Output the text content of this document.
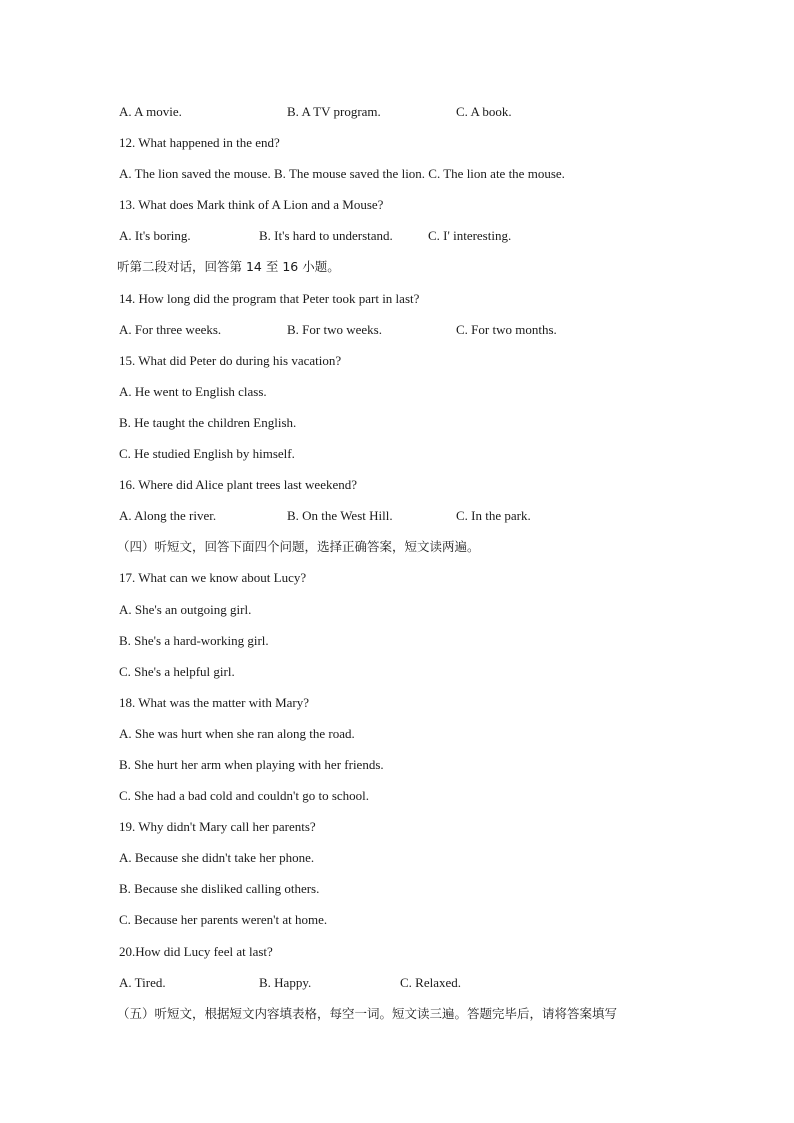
A. A movie.	B. A TV program.	C. A book.
12. What happened in the end?
A. The lion saved the mouse. B. The mouse saved the lion. C. The lion ate the mouse.
13. What does Mark think of A Lion and a Mouse?
A. It's boring.	B. It's hard to understand.	C. I' interesting.
听第二段对话，回答第 14 至 16 小题。
14. How long did the program that Peter took part in last?
A. For three weeks.	B. For two weeks.	C. For two months.
15. What did Peter do during his vacation?
A. He went to English class.
B. He taught the children English.
C. He studied English by himself.
16. Where did Alice plant trees last weekend?
A. Along the river.	B. On the West Hill.	C. In the park.
（四）听短文，回答下面四个问题，选择正确答案，短文读两遍。
17. What can we know about Lucy?
A. She's an outgoing girl.
B. She's a hard-working girl.
C. She's a helpful girl.
18. What was the matter with Mary?
A. She was hurt when she ran along the road.
B. She hurt her arm when playing with her friends.
C. She had a bad cold and couldn't go to school.
19. Why didn't Mary call her parents?
A. Because she didn't take her phone.
B. Because she disliked calling others.
C. Because her parents weren't at home.
20.How did Lucy feel at last?
A. Tired.	B. Happy.	C. Relaxed.
（五）听短文，根据短文内容填表格，每空一词。短文读三遍。答题完毕后，请将答案填写
